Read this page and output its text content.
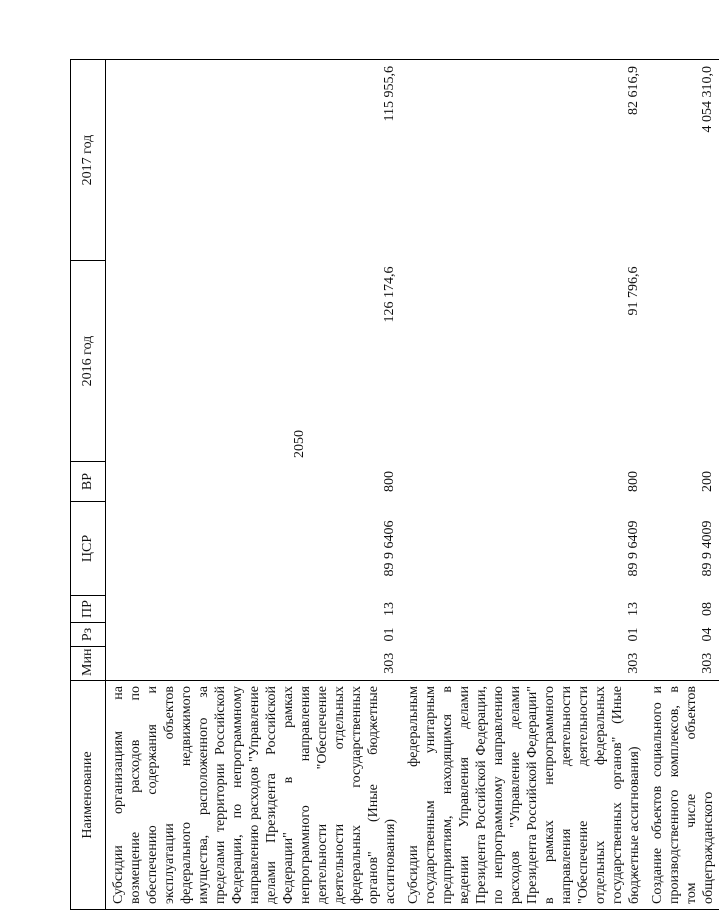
2050
Наименование	Мин	Рз	ПР	ЦСР	ВР	2016 год	2017 год
Субсидии организациям на возмещение расходов по обеспечению содержания и эксплуатации объектов федерального недвижимого имущества, расположенного за пределами территории Российской Федерации, по непрограммному направлению расходов "Управление делами Президента Российской Федерации" в рамках непрограммного направления деятельности "Обеспечение деятельности отдельных федеральных государственных органов" (Иные бюджетные ассигнования)	303	01	13	89 9 6406	800	126 174,6	115 955,6
Субсидии федеральным государственным унитарным предприятиям, находящимся в ведении Управления делами Президента Российской Федерации, по непрограммному направлению расходов "Управление делами Президента Российской Федерации" в рамках непрограммного направления деятельности "Обеспечение деятельности отдельных федеральных государственных органов" (Иные бюджетные ассигнования)	303	01	13	89 9 6409	800	91 796,6	82 616,9
Создание объектов социального и производственного комплексов, в том числе объектов общегражданского	303	04	08	89 9 4009	200		4 054 310,0
